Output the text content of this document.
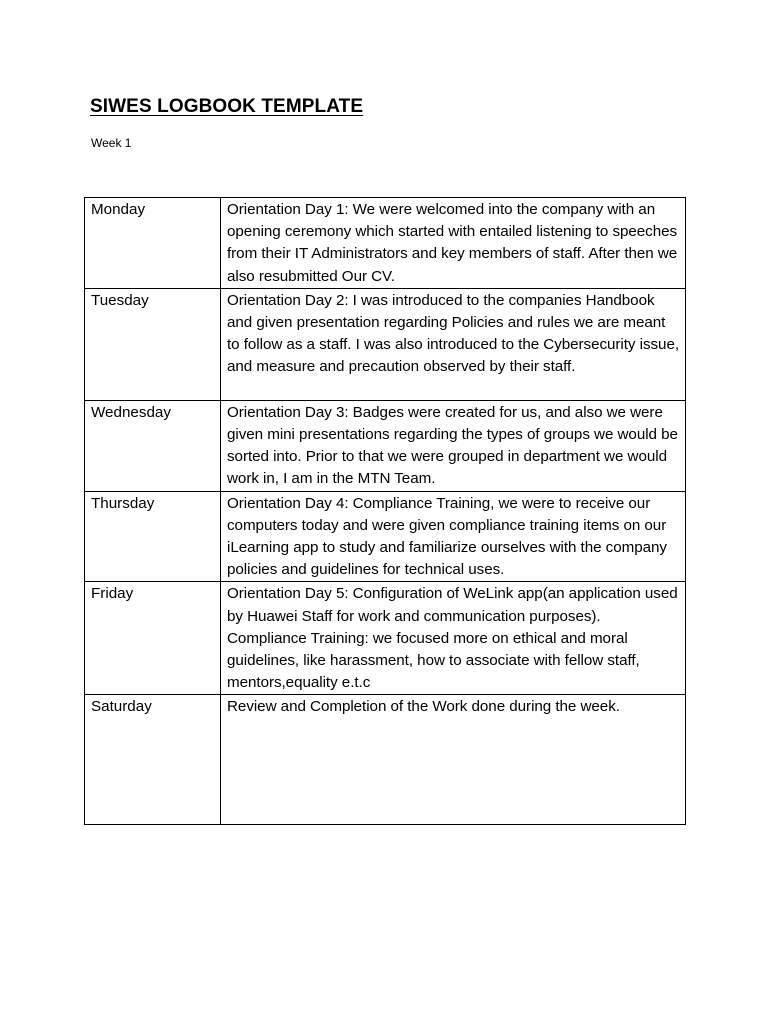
SIWES LOGBOOK TEMPLATE

Week 1

Monday	Orientation Day 1: We were welcomed into the company with an opening ceremony which started with entailed listening to speeches from their IT Administrators and key members of staff. After then we also resubmitted Our CV.
Tuesday	Orientation Day 2: I was introduced to the companies Handbook and given presentation regarding Policies and rules we are meant to follow as a staff. I was also introduced to the Cybersecurity issue, and measure and precaution observed by their staff.
Wednesday	Orientation Day 3: Badges were created for us, and also we were given mini presentations regarding the types of groups we would be sorted into. Prior to that we were grouped in department we would work in, I am in the MTN Team.
Thursday	Orientation Day 4: Compliance Training, we were to receive our computers today and were given compliance training items on our iLearning app to study and familiarize ourselves with the company policies and guidelines for technical uses.
Friday	Orientation Day 5: Configuration of WeLink app(an application used by Huawei Staff for work and communication purposes). Compliance Training: we focused more on ethical and moral guidelines, like harassment, how to associate with fellow staff, mentors,equality e.t.c
Saturday	Review and Completion of the Work done during the week.
